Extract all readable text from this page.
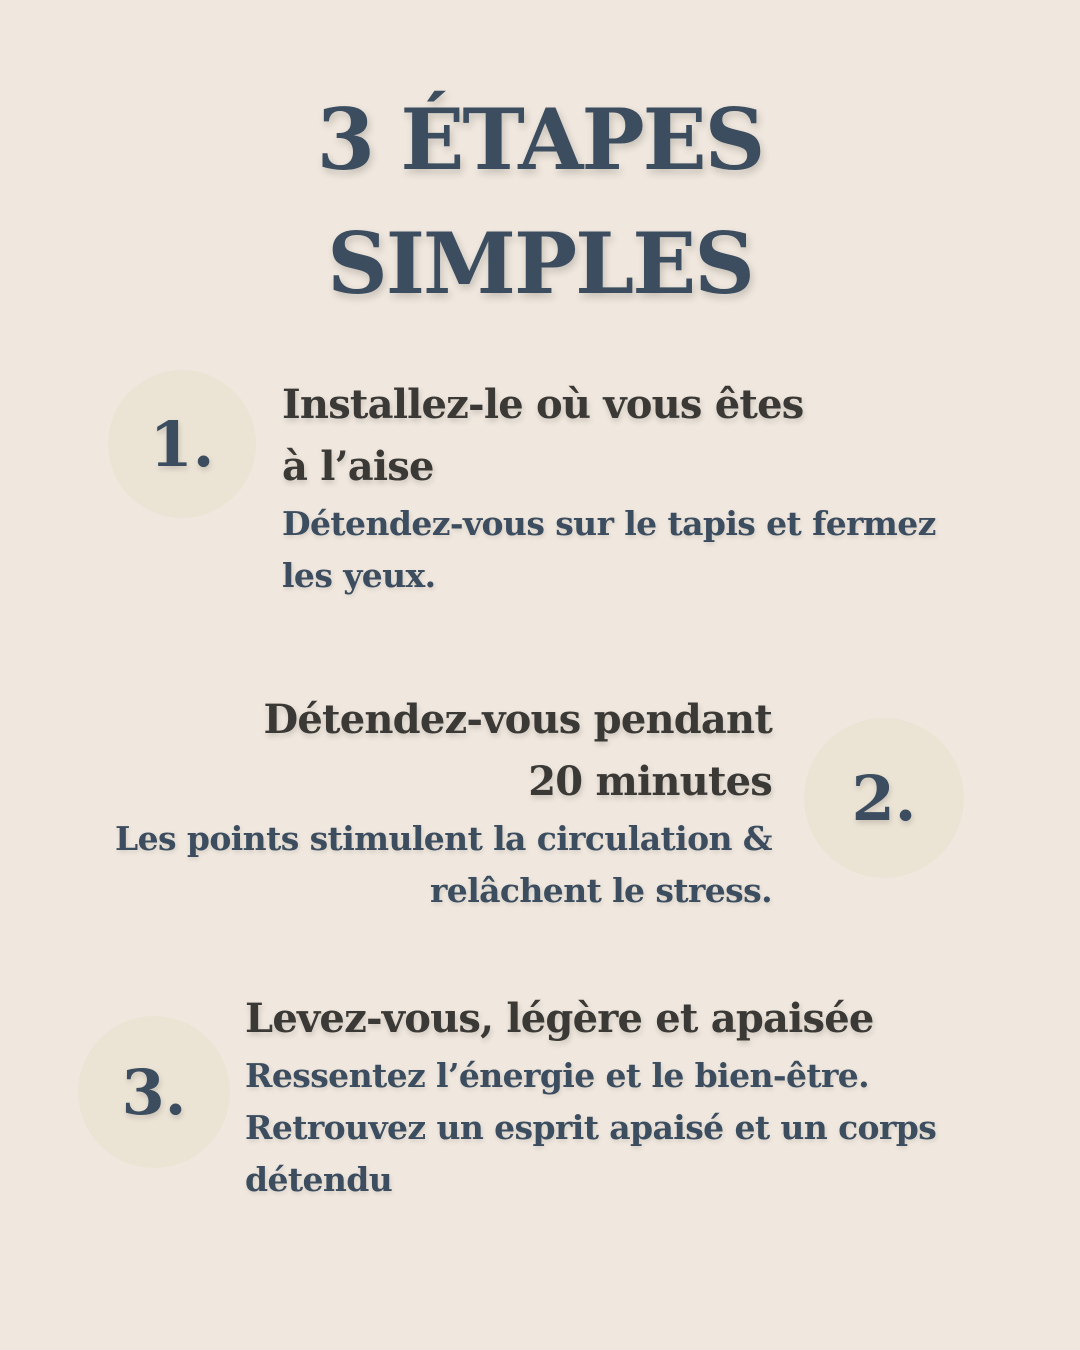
3 ÉTAPES
SIMPLES
1.

Installez-le où vous êtes
à l’aise

Détendez-vous sur le tapis et fermez
les yeux.

2.

Détendez-vous pendant
20 minutes

Les points stimulent la circulation &
relâchent le stress.

3.

Levez-vous, légère et apaisée

Ressentez l’énergie et le bien-être.
Retrouvez un esprit apaisé et un corps
détendu
